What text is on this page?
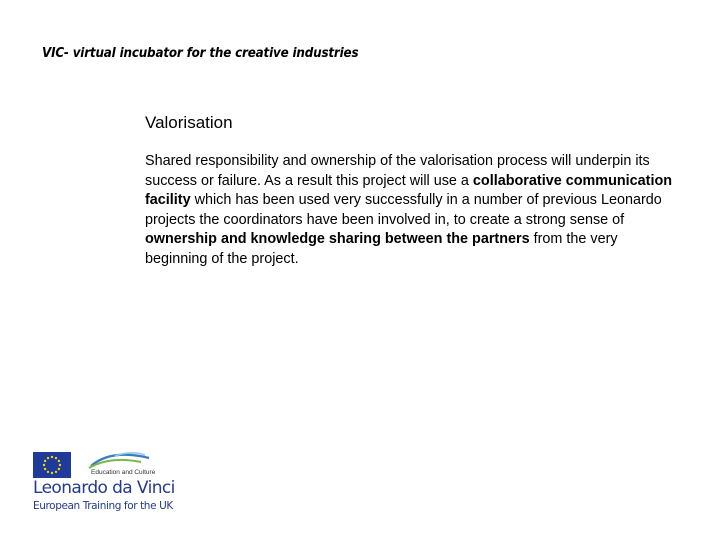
VIC- virtual incubator for the creative industries
Valorisation
Shared responsibility and ownership of the valorisation process will underpin its success or failure. As a result this project will use a collaborative communication facility which has been used very successfully in a number of previous Leonardo projects the coordinators have been involved in, to create a strong sense of ownership and knowledge sharing between the partners from the very beginning of the project.
Education and Culture
Leonardo da Vinci
European Training for the UK
